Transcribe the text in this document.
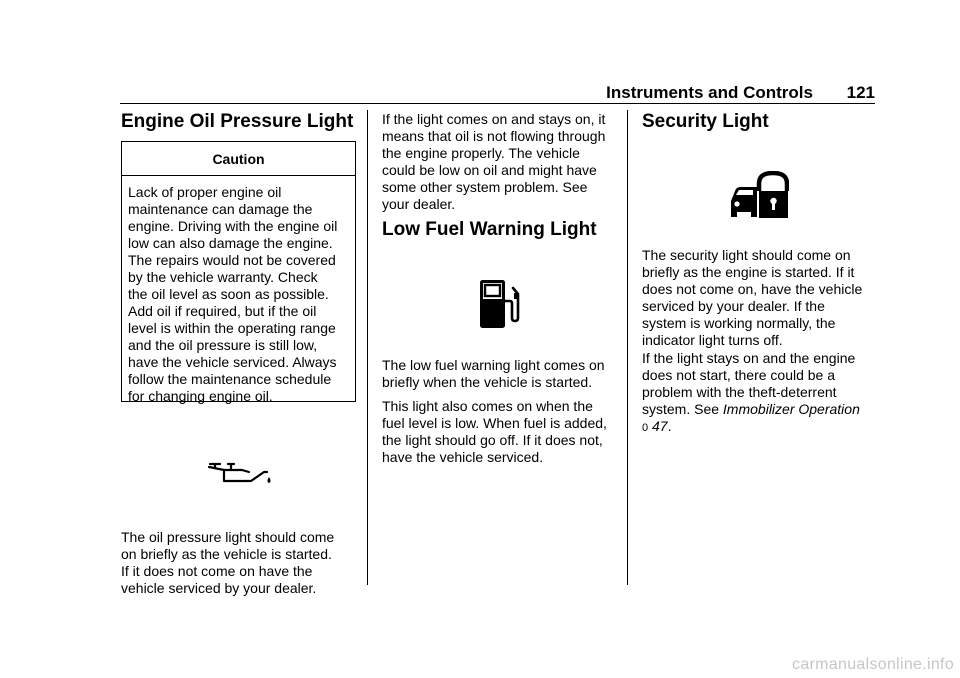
Instruments and Controls 121
Engine Oil Pressure Light
Caution
Lack of proper engine oil
maintenance can damage the
engine. Driving with the engine oil
low can also damage the engine.
The repairs would not be covered
by the vehicle warranty. Check
the oil level as soon as possible.
Add oil if required, but if the oil
level is within the operating range
and the oil pressure is still low,
have the vehicle serviced. Always
follow the maintenance schedule
for changing engine oil.

The oil pressure light should come

on briefly as the vehicle is started.

If it does not come on have the

vehicle serviced by your dealer.

If the light comes on and stays on, it

means that oil is not flowing through

the engine properly. The vehicle

could be low on oil and might have

some other system problem. See

your dealer.

Low Fuel Warning Light

The low fuel warning light comes on

briefly when the vehicle is started.

This light also comes on when the

fuel level is low. When fuel is added,

the light should go off. If it does not,

have the vehicle serviced.

Security Light

The security light should come on

briefly as the engine is started. If it

does not come on, have the vehicle

serviced by your dealer. If the

system is working normally, the

indicator light turns off.

If the light stays on and the engine

does not start, there could be a

problem with the theft-deterrent

system. See Immobilizer Operation

0 47.

carmanualsonline.info
